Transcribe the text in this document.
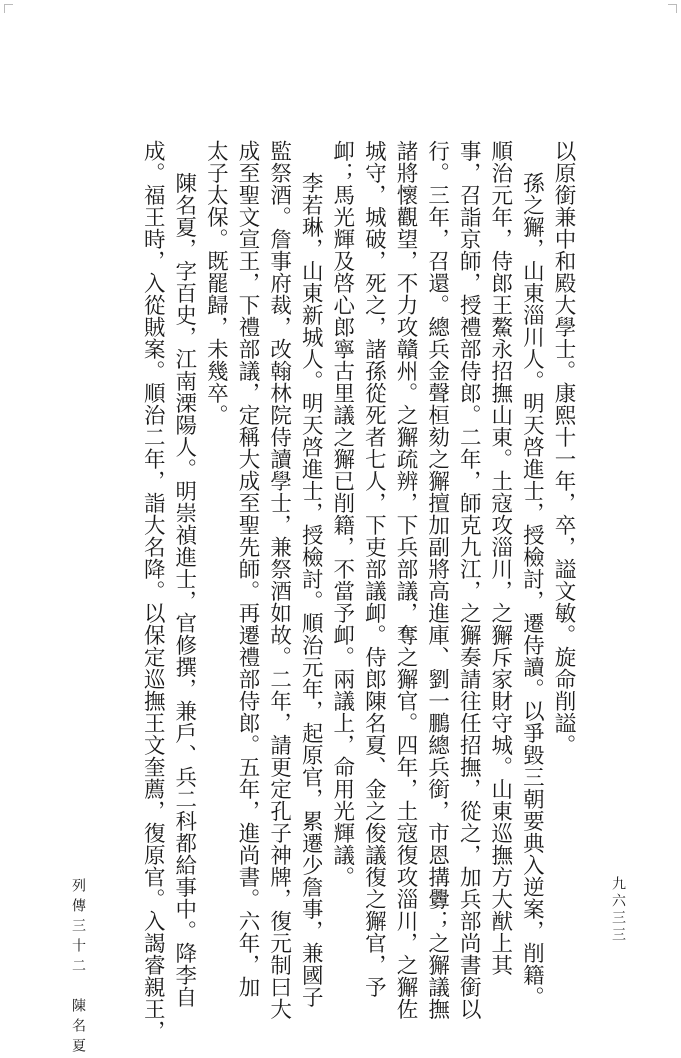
以原銜兼中和殿大學士。康熙十一年，卒，謚文敏。旋命削謚。
孫之獬，山東淄川人。明天啓進士，授檢討，遷侍讀。以爭毀三朝要典入逆案，削籍。
順治元年，侍郎王鰲永招撫山東。土寇攻淄川，之獬斥家財守城。山東巡撫方大猷上其
事，召詣京師，授禮部侍郎。二年，師克九江，之獬奏請往任招撫，從之，加兵部尚書銜以
行。三年，召還。總兵金聲桓劾之獬擅加副將高進庫、劉一鵬總兵銜，市恩搆釁；之獬議撫
諸將懷觀望，不力攻贛州。之獬疏辨，下兵部議，奪之獬官。四年，土寇復攻淄川，之獬佐
城守，城破，死之，諸孫從死者七人，下吏部議卹。侍郎陳名夏、金之俊議復之獬官，予
卹；馬光輝及啓心郎寧古里議之獬已削籍，不當予卹。兩議上，命用光輝議。
李若琳，山東新城人。明天啓進士，授檢討。順治元年，起原官，累遷少詹事，兼國子
監祭酒。詹事府裁，改翰林院侍讀學士，兼祭酒如故。二年，請更定孔子神牌，復元制曰大
成至聖文宣王，下禮部議，定稱大成至聖先師。再遷禮部侍郎。五年，進尚書。六年，加
太子太保。既罷歸，未幾卒。
陳名夏，字百史，江南溧陽人。明崇禎進士，官修撰，兼戶、兵二科都給事中。降李自
成。福王時，入從賊案。順治二年，詣大名降。以保定巡撫王文奎薦，復原官。入謁睿親王，
列傳三十二　陳名夏	九六三三
